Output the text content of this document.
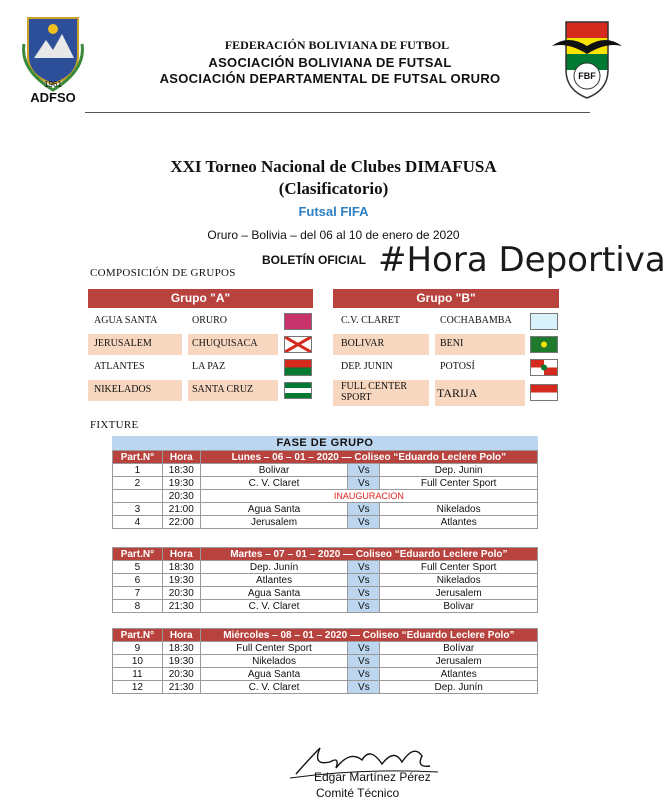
1961
ADFSO
FBF
FEDERACIÓN BOLIVIANA DE FUTBOL
ASOCIACIÓN BOLIVIANA DE FUTSAL
ASOCIACIÓN DEPARTAMENTAL DE FUTSAL ORURO
XXI Torneo Nacional de Clubes DIMAFUSA
(Clasificatorio)
Futsal FIFA
Oruro – Bolivia – del 06 al 10 de enero de 2020
BOLETÍN OFICIAL #Hora Deportiva
COMPOSICIÓN DE GRUPOS
Grupo "A"	Grupo "B"
AGUA SANTA	ORURO
JERUSALEM	CHUQUISACA
ATLANTES	LA PAZ
NIKELADOS	SANTA CRUZ
C.V. CLARET	COCHABAMBA
BOLIVAR	BENI
DEP. JUNIN	POTOSÍ
FULL CENTER SPORT	TARIJA
FIXTURE
FASE DE GRUPO
Part.N°	Hora	Lunes – 06 – 01 – 2020 — Coliseo “Eduardo Leclere Polo”		
1	18:30	Bolivar	Vs	Dep. Junin
2	19:30	C. V. Claret	Vs	Full Center Sport
	20:30	INAUGURACION		
3	21:00	Agua Santa	Vs	Nikelados
4	22:00	Jerusalem	Vs	Atlantes
Part.N°	Hora	Martes – 07 – 01 – 2020 — Coliseo “Eduardo Leclere Polo”		
5	18:30	Dep. Junín	Vs	Full Center Sport
6	19:30	Atlantes	Vs	Nikelados
7	20:30	Agua Santa	Vs	Jerusalem
8	21:30	C. V. Claret	Vs	Bolivar
Part.N°	Hora	Miércoles – 08 – 01 – 2020 — Coliseo “Eduardo Leclere Polo”		
9	18:30	Full Center Sport	Vs	Bolívar
10	19:30	Nikelados	Vs	Jerusalem
11	20:30	Agua Santa	Vs	Atlantes
12	21:30	C. V. Claret	Vs	Dep. Junín
Edgar Martínez Pérez
Comité Técnico
